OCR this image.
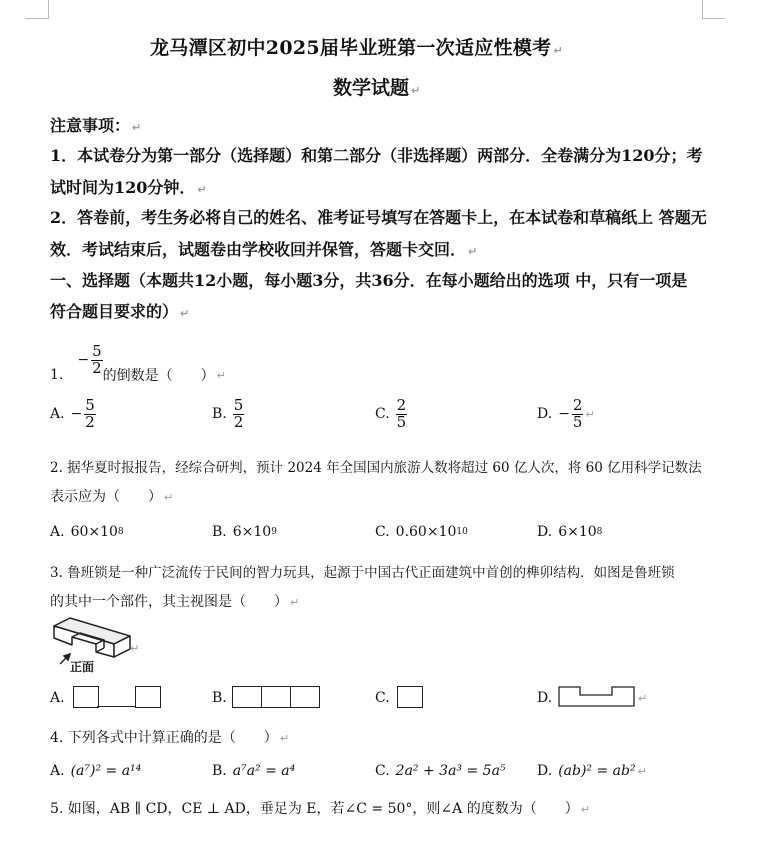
龙马潭区初中2025届毕业班第一次适应性模考 ↵
数学试题 ↵
注意事项： ↵
1．本试卷分为第一部分（选择题）和第二部分（非选择题）两部分．全卷满分为120分；考
试时间为120分钟． ↵
2．答卷前，考生务必将自己的姓名、准考证号填写在答题卡上，在本试卷和草稿纸上 答题无
效．考试结束后，试题卷由学校收回并保管，答题卡交回． ↵
一、选择题（本题共12小题，每小题3分，共36分．在每小题给出的选项 中，只有一项是
符合题目要求的） ↵
1.
− $\frac{5}{2}$ 的倒数是（　　） ↵
A. − $\frac{5}{2}$	B. $\frac{5}{2}$	C. $\frac{2}{5}$	D. − $\frac{2}{5}$ ↵
2. 据华夏时报报告，经综合研判，预计 2024 年全国国内旅游人数将超过 60 亿人次，将 60 亿用科学记数法
表示应为（　　） ↵
A. 60×10 8	B. 6×10 9	C. 0.60×10 10	D. 6×10 8
3. 鲁班锁是一种广泛流传于民间的智力玩具，起源于中国古代正面建筑中首创的榫卯结构．如图是鲁班锁
的其中一个部件，其主视图是（　　） ↵
正面
↵
A.	B.	C.	D.	↵
4. 下列各式中计算正确的是（　　） ↵
A. (a⁷)² = a¹⁴	B. a⁷a² = a⁴	C. 2a² + 3a³ = 5a⁵ D. (ab)² = ab² ↵
5. 如图，AB ∥ CD，CE ⊥ AD，垂足为 E，若∠C = 50°，则∠A 的度数为（　　） ↵
